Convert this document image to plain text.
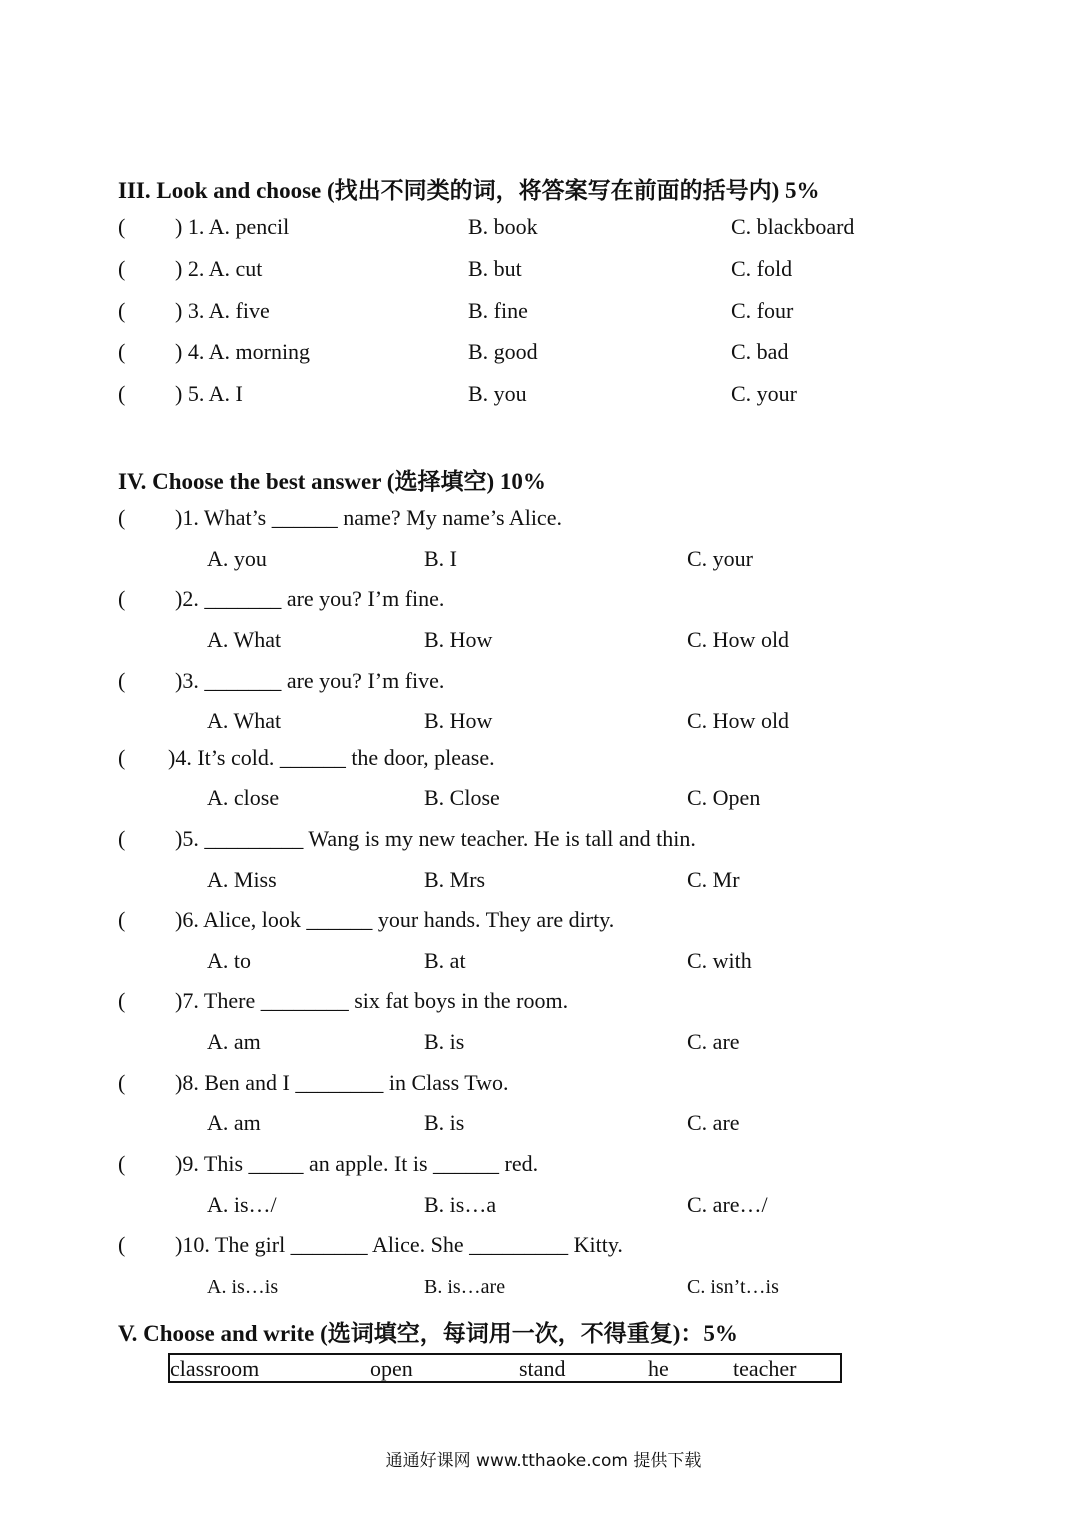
III. Look and choose (找出不同类的词，将答案写在前面的括号内) 5%
( ) 1. A. pencil	B. book	C. blackboard
( ) 2. A. cut	B. but	C. fold
( ) 3. A. five	B. fine	C. four
( ) 4. A. morning	B. good	C. bad
( ) 5. A. I	B. you	C. your
IV. Choose the best answer (选择填空) 10%
( )1. What’s ______ name? My name’s Alice.
A. you	B. I	C. your
( )2. _______ are you? I’m fine.
A. What	B. How	C. How old
( )3. _______ are you? I’m five.
A. What	B. How	C. How old
( )4. It’s cold. ______ the door, please.
A. close	B. Close	C. Open
( )5. _________ Wang is my new teacher. He is tall and thin.
A. Miss	B. Mrs	C. Mr
( )6. Alice, look ______ your hands. They are dirty.
A. to	B. at	C. with
( )7. There ________ six fat boys in the room.
A. am	B. is	C. are
( )8. Ben and I ________ in Class Two.
A. am	B. is	C. are
( )9. This _____ an apple. It is ______ red.
A. is…/	B. is…a	C. are…/
( )10. The girl _______ Alice. She _________ Kitty.
A. is…is	B. is…are	C. isn’t…is
V. Choose and write (选词填空，每词用一次，不得重复)：5%
classroom	open	stand	he	teacher
通通好课网 www.tthaoke.com 提供下载
